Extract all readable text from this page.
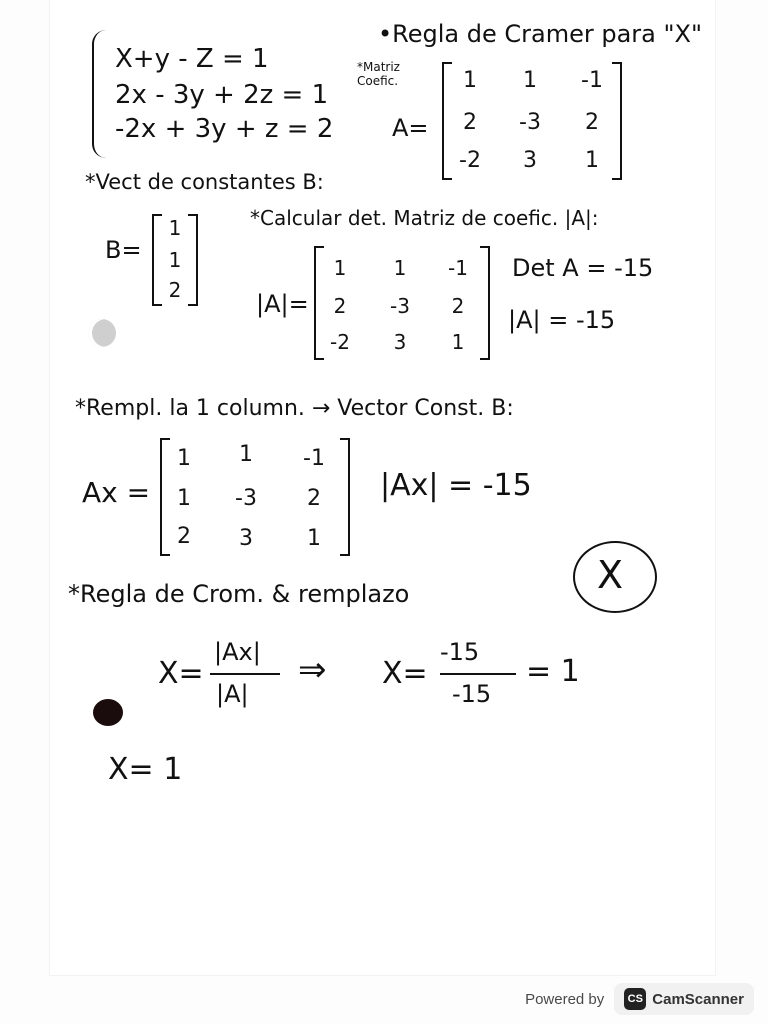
X+y - Z = 1
2x - 3y + 2z = 1
-2x + 3y + z = 2
•Regla de Cramer para "X"
*Matriz Coefic.
A=
1	1	-1
2	-3	2
-2	3	1
*Vect de constantes B:
B=
1
1
2
*Calcular det. Matriz de coefic. |A|:
|A|=
1	1	-1
2	-3	2
-2	3	1
Det A = -15
|A| = -15
*Rempl. la 1 column. → Vector Const. B:
Ax =
1	1	-1
1	-3	2
2	3	1
|Ax| = -15
X
*Regla de Crom. & remplazo
X=
|Ax|
|A|
⇒ X=
-15
-15
= 1
X= 1
Powered by	CS CamScanner
